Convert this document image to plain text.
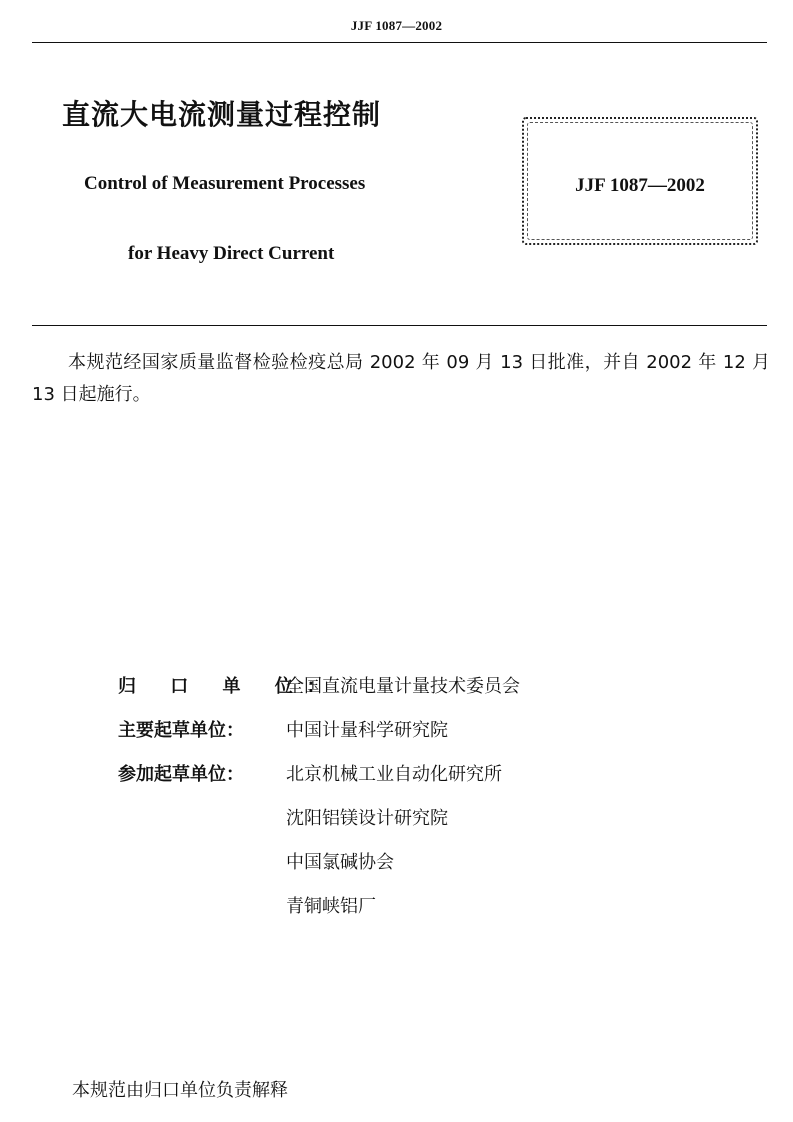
JJF 1087—2002
直流大电流测量过程控制
Control of Measurement Processes
for Heavy Direct Current
JJF 1087—2002
本规范经国家质量监督检验检疫总局 2002 年 09 月 13 日批准，并自 2002 年 12 月 13 日起施行。
归 口 单 位：
全国直流电量计量技术委员会
主要起草单位：	中国计量科学研究院
参加起草单位：	北京机械工业自动化研究所
沈阳铝镁设计研究院
中国氯碱协会
青铜峡铝厂
本规范由归口单位负责解释
